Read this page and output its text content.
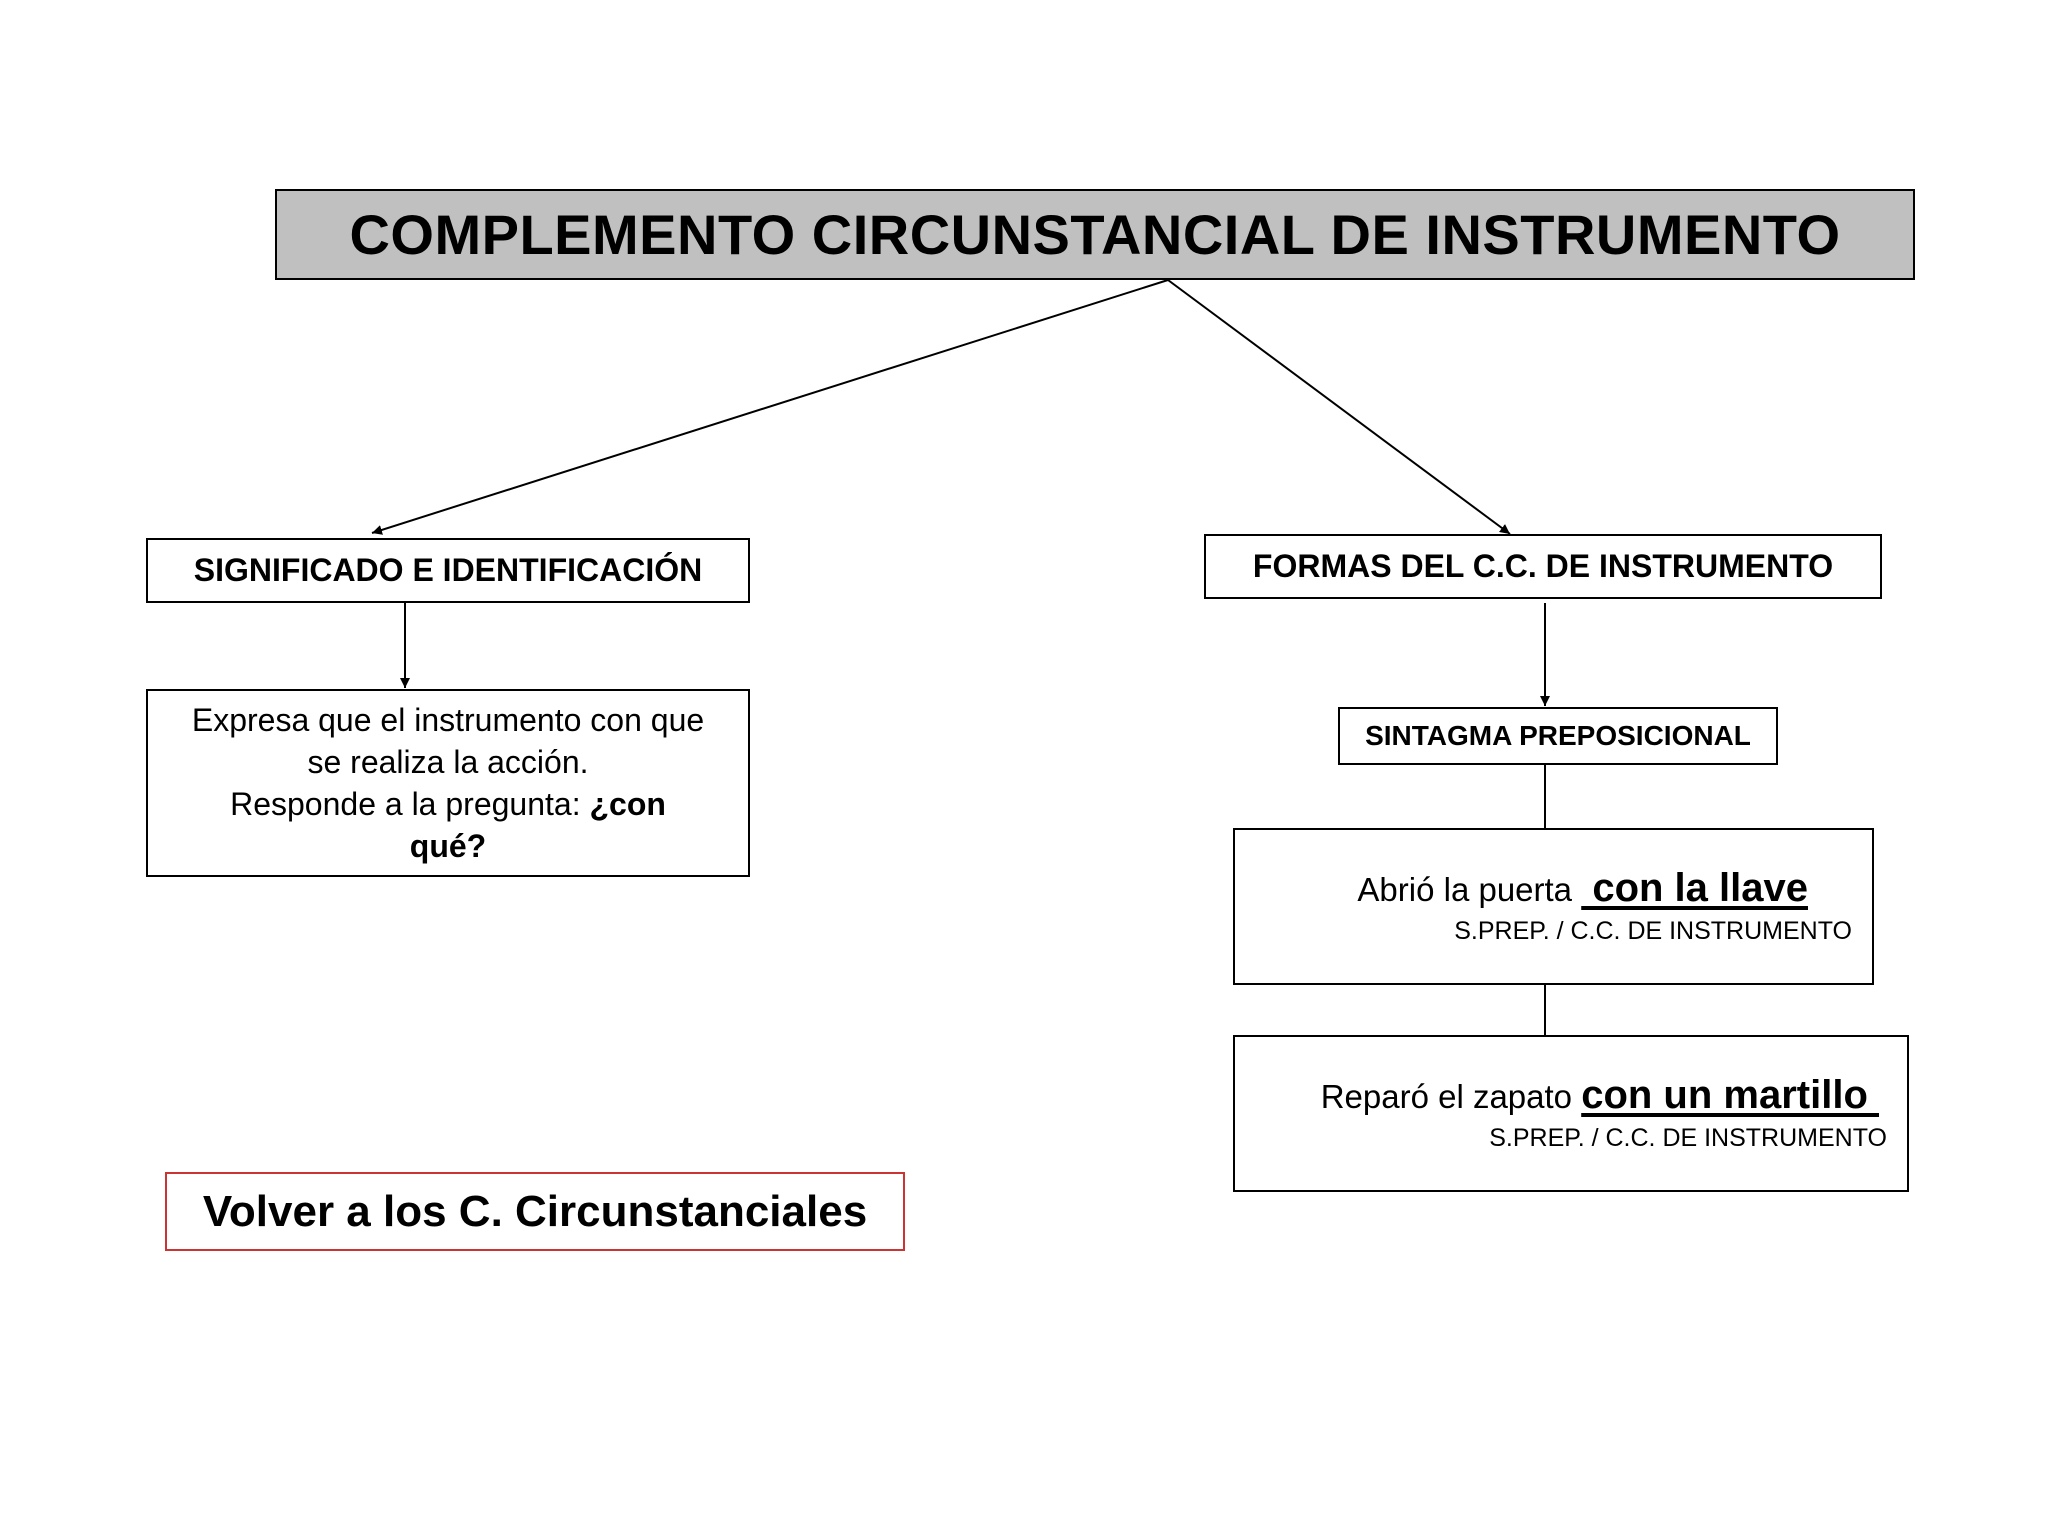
COMPLEMENTO CIRCUNSTANCIAL DE INSTRUMENTO
SIGNIFICADO E IDENTIFICACIÓN
Expresa que el instrumento con que
se realiza la acción.
Responde a la pregunta: ¿con
qué?
FORMAS DEL C.C. DE INSTRUMENTO
SINTAGMA PREPOSICIONAL
Abrió la puerta  con la llave
S.PREP. / C.C. DE INSTRUMENTO
Reparó el zapato con un martillo
S.PREP. / C.C. DE INSTRUMENTO
Volver a los C. Circunstanciales
